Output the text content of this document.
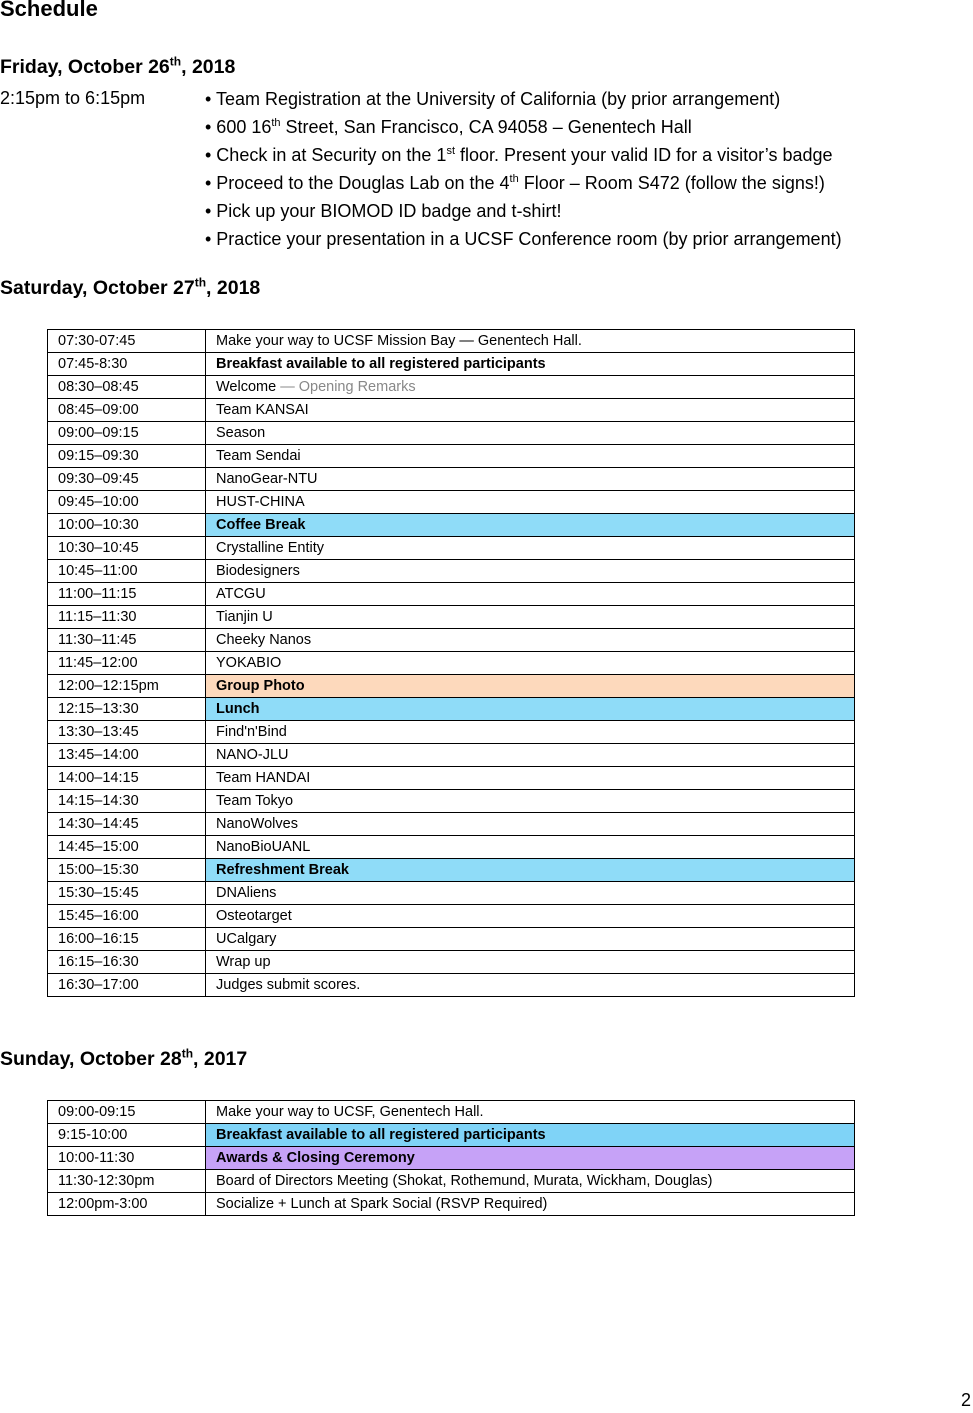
Schedule
Friday, October 26th, 2018
2:15pm to 6:15pm	• Team Registration at the University of California (by prior arrangement)
• 600 16th Street, San Francisco, CA 94058 – Genentech Hall
• Check in at Security on the 1st floor. Present your valid ID for a visitor’s badge
• Proceed to the Douglas Lab on the 4th Floor – Room S472 (follow the signs!)
• Pick up your BIOMOD ID badge and t-shirt!
• Practice your presentation in a UCSF Conference room (by prior arrangement)
Saturday, October 27th, 2018
07:30-07:45	Make your way to UCSF Mission Bay — Genentech Hall.
07:45-8:30	Breakfast available to all registered participants
08:30–08:45	Welcome — Opening Remarks
08:45–09:00	Team KANSAI
09:00–09:15	Season
09:15–09:30	Team Sendai
09:30–09:45	NanoGear-NTU
09:45–10:00	HUST-CHINA
10:00–10:30	Coffee Break
10:30–10:45	Crystalline Entity
10:45–11:00	Biodesigners
11:00–11:15	ATCGU
11:15–11:30	Tianjin U
11:30–11:45	Cheeky Nanos
11:45–12:00	YOKABIO
12:00–12:15pm	Group Photo
12:15–13:30	Lunch
13:30–13:45	Find'n'Bind
13:45–14:00	NANO-JLU
14:00–14:15	Team HANDAI
14:15–14:30	Team Tokyo
14:30–14:45	NanoWolves
14:45–15:00	NanoBioUANL
15:00–15:30	Refreshment Break
15:30–15:45	DNAliens
15:45–16:00	Osteotarget
16:00–16:15	UCalgary
16:15–16:30	Wrap up
16:30–17:00	Judges submit scores.
Sunday, October 28th, 2017
09:00-09:15	Make your way to UCSF, Genentech Hall.
9:15-10:00	Breakfast available to all registered participants
10:00-11:30	Awards & Closing Ceremony
11:30-12:30pm	Board of Directors Meeting (Shokat, Rothemund, Murata, Wickham, Douglas)
12:00pm-3:00	Socialize + Lunch at Spark Social (RSVP Required)
2
